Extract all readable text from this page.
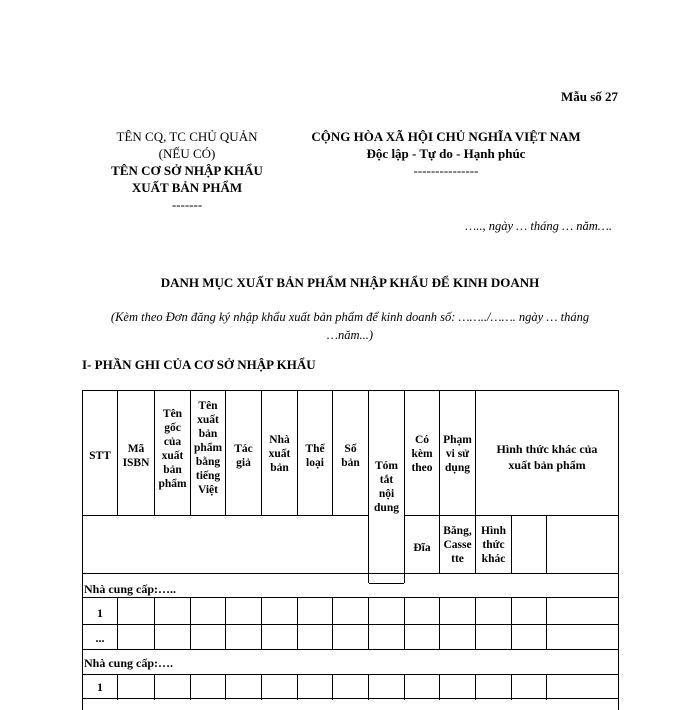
Mẫu số 27
TÊN CQ, TC CHỦ QUẢN
(NẾU CÓ)
TÊN CƠ SỞ NHẬP KHẨU
XUẤT BẢN PHẨM
-------
CỘNG HÒA XÃ HỘI CHỦ NGHĨA VIỆT NAM
Độc lập - Tự do - Hạnh phúc
---------------
….., ngày … tháng … năm….
DANH MỤC XUẤT BẢN PHẨM NHẬP KHẨU ĐỂ KINH DOANH
(Kèm theo Đơn đăng ký nhập khẩu xuất bản phẩm để kinh doanh số: ……../……. ngày … tháng
…năm...)
I- PHẦN GHI CỦA CƠ SỞ NHẬP KHẨU
STT
Mã
ISBN
Tên
gốc
của
xuất
bản
phẩm
Tên
xuất
bản
phẩm
bằng
tiếng
Việt
Tác
giả
Nhà
xuất
bản
Thể
loại
Số
bản	Tóm
tắt
nội
dung
Có
kèm
theo
Phạm
vi sử
dụng
Hình thức khác của
xuất bản phẩm
Đĩa
Băng,
Casse
tte
Hình
thức
khác
Nhà cung cấp:…..
1
...
Nhà cung cấp:….
1
